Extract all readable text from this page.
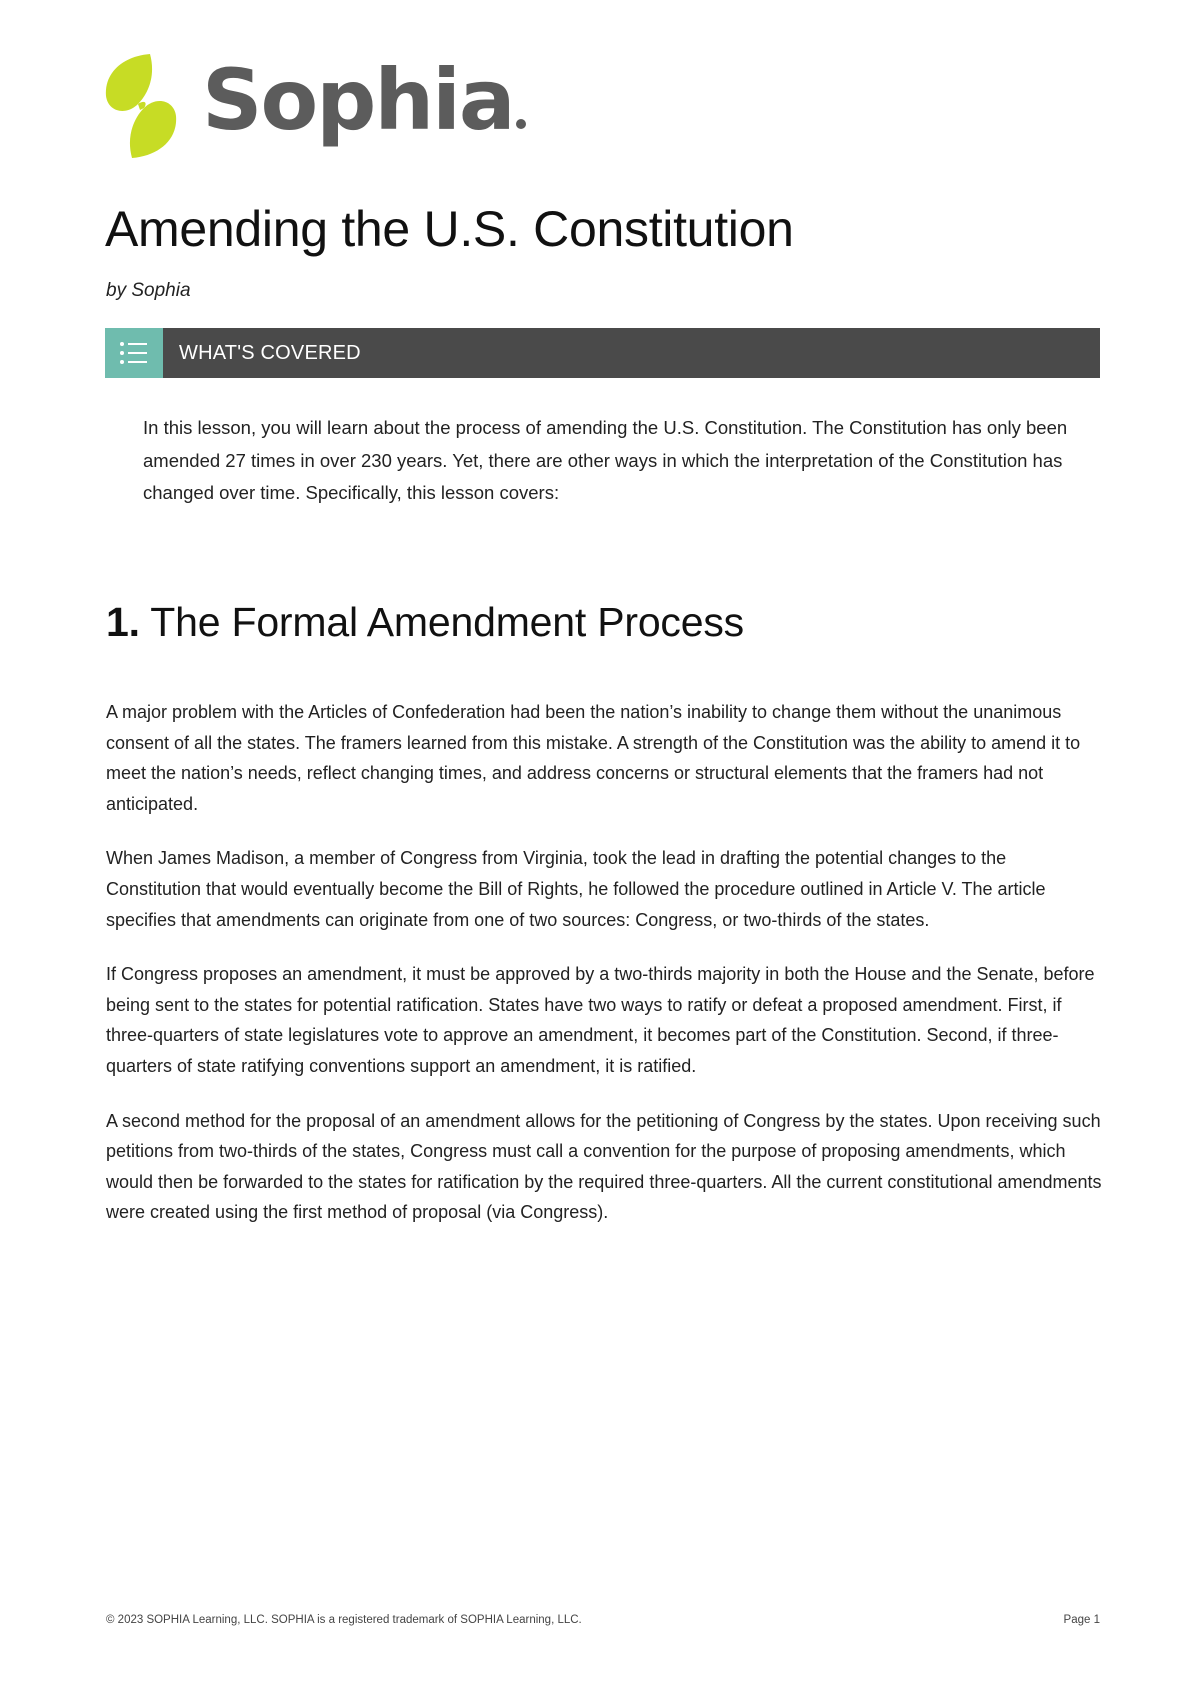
Sophia
Amending the U.S. Constitution
by Sophia
WHAT'S COVERED

In this lesson, you will learn about the process of amending the U.S. Constitution. The Constitution has only been amended 27 times in over 230 years. Yet, there are other ways in which the interpretation of the Constitution has changed over time. Specifically, this lesson covers:

1. The Formal Amendment Process

A major problem with the Articles of Confederation had been the nation’s inability to change them without the unanimous consent of all the states. The framers learned from this mistake. A strength of the Constitution was the ability to amend it to meet the nation’s needs, reflect changing times, and address concerns or structural elements that the framers had not anticipated.

When James Madison, a member of Congress from Virginia, took the lead in drafting the potential changes to the Constitution that would eventually become the Bill of Rights, he followed the procedure outlined in Article V. The article specifies that amendments can originate from one of two sources: Congress, or two-thirds of the states.

If Congress proposes an amendment, it must be approved by a two-thirds majority in both the House and the Senate, before being sent to the states for potential ratification. States have two ways to ratify or defeat a proposed amendment. First, if three-quarters of state legislatures vote to approve an amendment, it becomes part of the Constitution. Second, if three-quarters of state ratifying conventions support an amendment, it is ratified.

A second method for the proposal of an amendment allows for the petitioning of Congress by the states. Upon receiving such petitions from two-thirds of the states, Congress must call a convention for the purpose of proposing amendments, which would then be forwarded to the states for ratification by the required three-quarters. All the current constitutional amendments were created using the first method of proposal (via Congress).

© 2023 SOPHIA Learning, LLC. SOPHIA is a registered trademark of SOPHIA Learning, LLC.	Page 1
